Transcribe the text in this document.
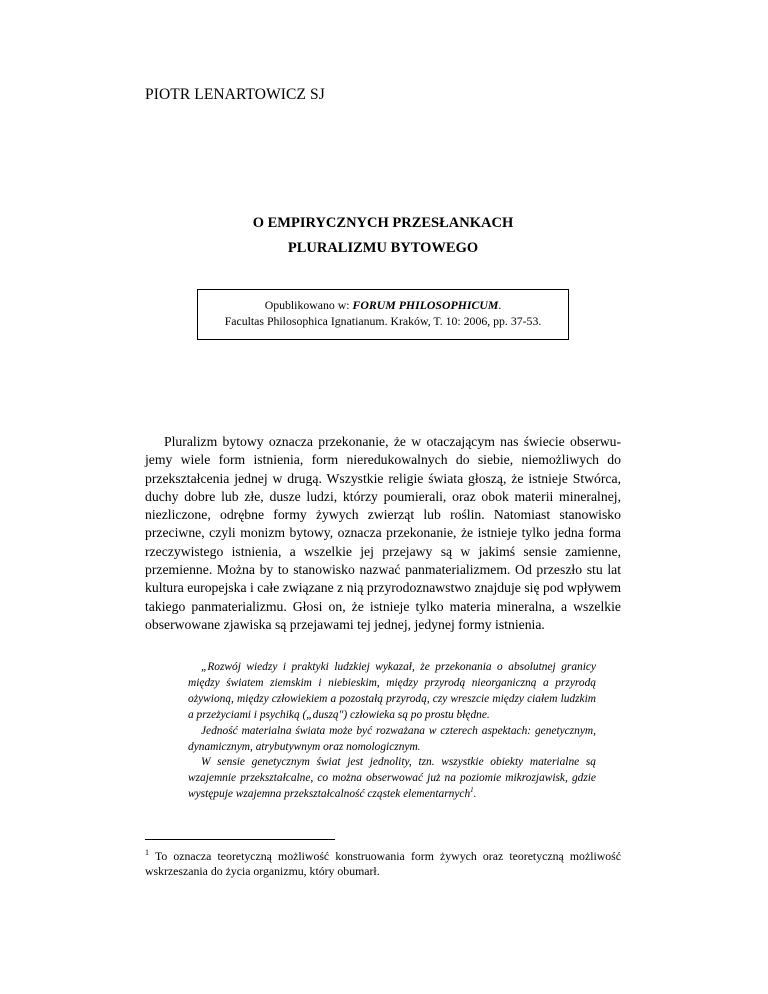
PIOTR LENARTOWICZ SJ
O EMPIRYCZNYCH PRZESŁANKACH
PLURALIZMU BYTOWEGO
Opublikowano w: FORUM PHILOSOPHICUM.
Facultas Philosophica Ignatianum. Kraków, T. 10: 2006, pp. 37-53.

Pluralizm bytowy oznacza przekonanie, że w otaczającym nas świecie obserwujemy wiele form istnienia, form nieredukowalnych do siebie, niemożliwych do przekształcenia jednej w drugą. Wszystkie religie świata głoszą, że istnieje Stwórca, duchy dobre lub złe, dusze ludzi, którzy poumierali, oraz obok materii mineralnej, niezliczone, odrębne formy żywych zwierząt lub roślin. Natomiast stanowisko przeciwne, czyli monizm bytowy, oznacza przekonanie, że istnieje tylko jedna forma rzeczywistego istnienia, a wszelkie jej przejawy są w jakimś sensie zamienne, przemienne. Można by to stanowisko nazwać panmaterializmem. Od przeszło stu lat kultura europejska i całe związane z nią przyrodoznawstwo znajduje się pod wpływem takiego panmaterializmu. Głosi on, że istnieje tylko materia mineralna, a wszelkie obserwowane zjawiska są przejawami tej jednej, jedynej formy istnienia.

„Rozwój wiedzy i praktyki ludzkiej wykazał, że przekonania o absolutnej granicy między światem ziemskim i niebieskim, między przyrodą nieorganiczną a przyrodą ożywioną, między człowiekiem a pozostałą przyrodą, czy wreszcie między ciałem ludzkim a przeżyciami i psychiką („duszą") człowieka są po prostu błędne.

Jedność materialna świata może być rozważana w czterech aspektach: genetycznym, dynamicznym, atrybutywnym oraz nomologicznym.

W sensie genetycznym świat jest jednolity, tzn. wszystkie obiekty materialne są wzajemnie przekształcalne, co można obserwować już na poziomie mikrozjawisk, gdzie występuje wzajemna przekształcalność cząstek elementarnych$^1$.

$^1$ To oznacza teoretyczną możliwość konstruowania form żywych oraz teoretyczną możliwość wskrzeszania do życia organizmu, który obumarł.
